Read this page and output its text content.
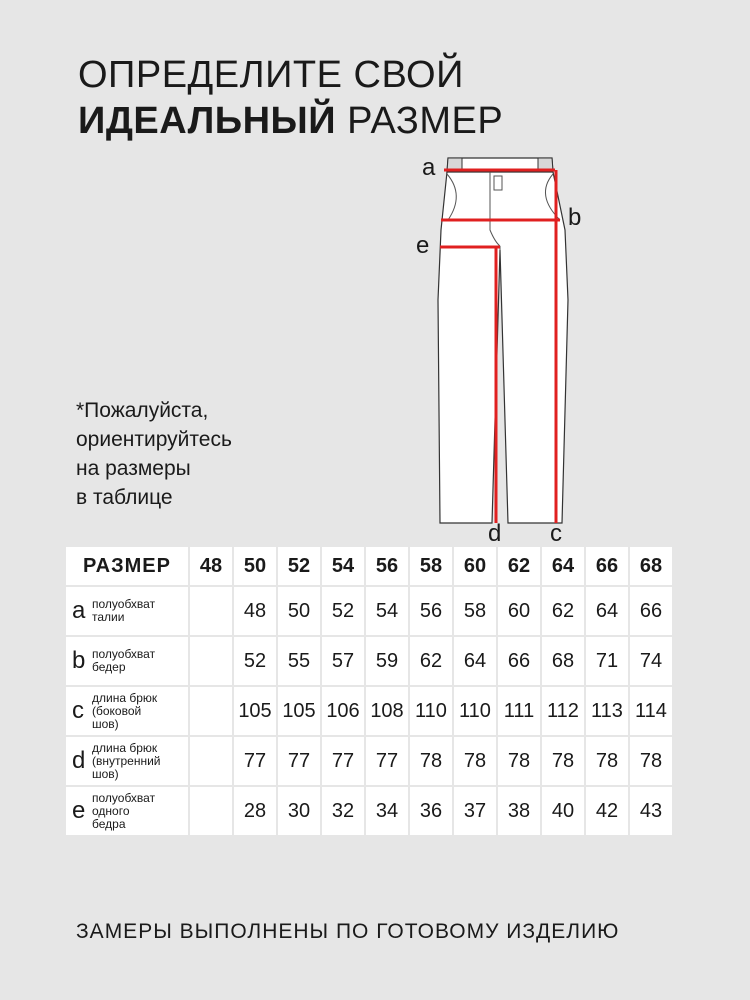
ОПРЕДЕЛИТЕ СВОЙ
ИДЕАЛЬНЫЙ РАЗМЕР
*Пожалуйста,
ориентируйтесь
на размеры
в таблице
a
b
e
d c
РАЗМЕР	48	50	52	54	56	58	60	62	64	66	68
a полуобхват
талии		48	50	52	54	56	58	60	62	64	66
b полуобхват
бедер		52	55	57	59	62	64	66	68	71	74
c длина брюк
(боковой
шов)		105	105	106	108	110	110	111	112	113	114
d длина брюк
(внутренний
шов)		77	77	77	77	78	78	78	78	78	78
e полуобхват
одного
бедра		28	30	32	34	36	37	38	40	42	43
ЗАМЕРЫ ВЫПОЛНЕНЫ ПО ГОТОВОМУ ИЗДЕЛИЮ
